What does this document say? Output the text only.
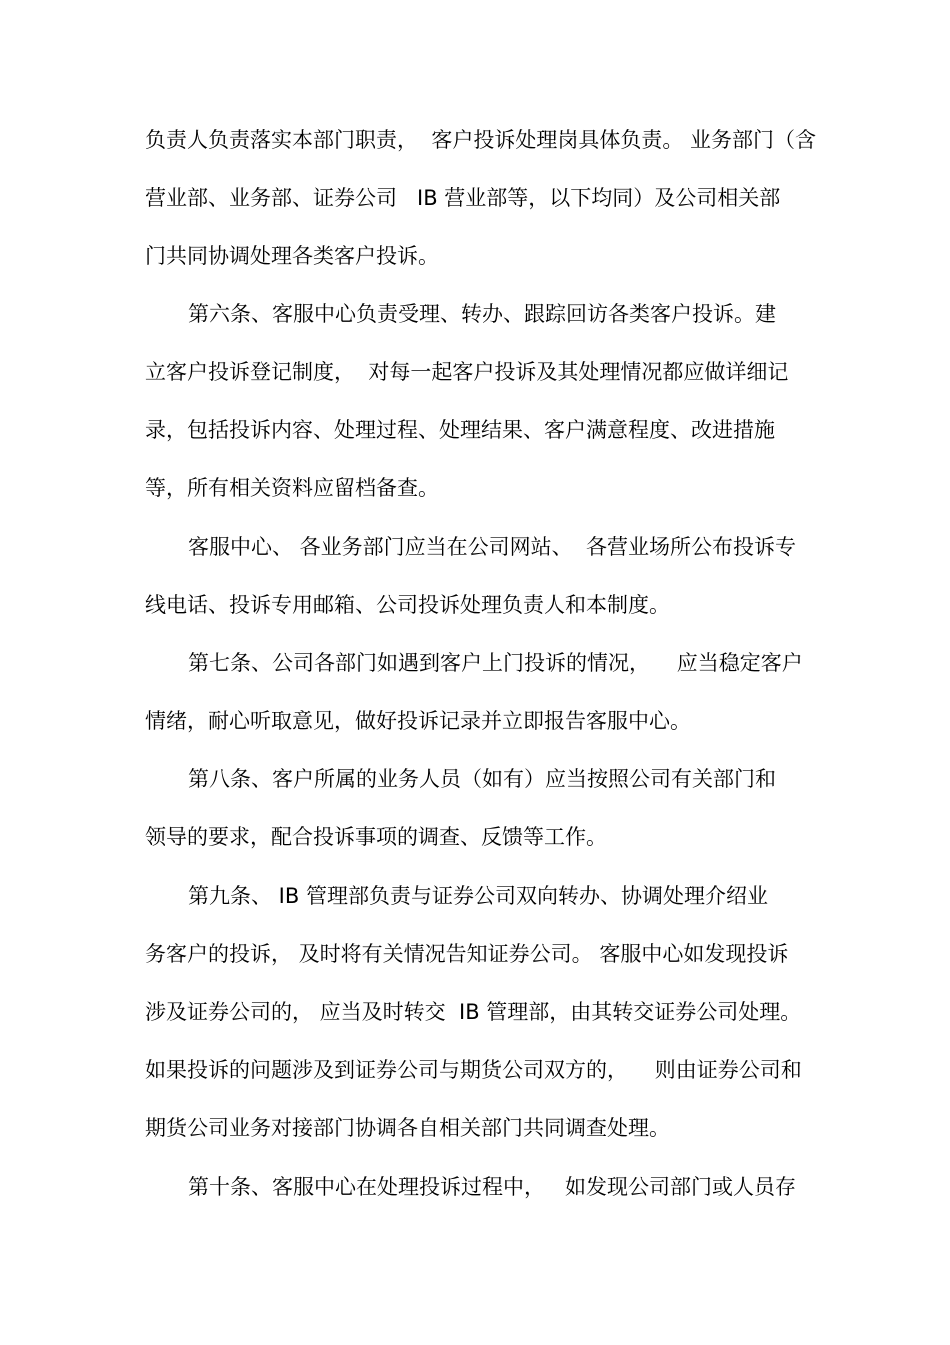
负责人负责落实本部门职责，  客户投诉处理岗具体负责。 业务部门（含
营业部、业务部、证券公司   IB 营业部等，以下均同）及公司相关部
门共同协调处理各类客户投诉。
第六条、客服中心负责受理、转办、跟踪回访各类客户投诉。建
立客户投诉登记制度，  对每一起客户投诉及其处理情况都应做详细记
录，包括投诉内容、处理过程、处理结果、客户满意程度、改进措施
等，所有相关资料应留档备查。
客服中心、 各业务部门应当在公司网站、  各营业场所公布投诉专
线电话、投诉专用邮箱、公司投诉处理负责人和本制度。
第七条、公司各部门如遇到客户上门投诉的情况，    应当稳定客户
情绪，耐心听取意见，做好投诉记录并立即报告客服中心。
第八条、客户所属的业务人员（如有）应当按照公司有关部门和
领导的要求，配合投诉事项的调查、反馈等工作。
第九条、 IB 管理部负责与证券公司双向转办、协调处理介绍业
务客户的投诉， 及时将有关情况告知证券公司。 客服中心如发现投诉
涉及证券公司的， 应当及时转交  IB 管理部，由其转交证券公司处理。
如果投诉的问题涉及到证券公司与期货公司双方的，    则由证券公司和
期货公司业务对接部门协调各自相关部门共同调查处理。
第十条、客服中心在处理投诉过程中，   如发现公司部门或人员存
